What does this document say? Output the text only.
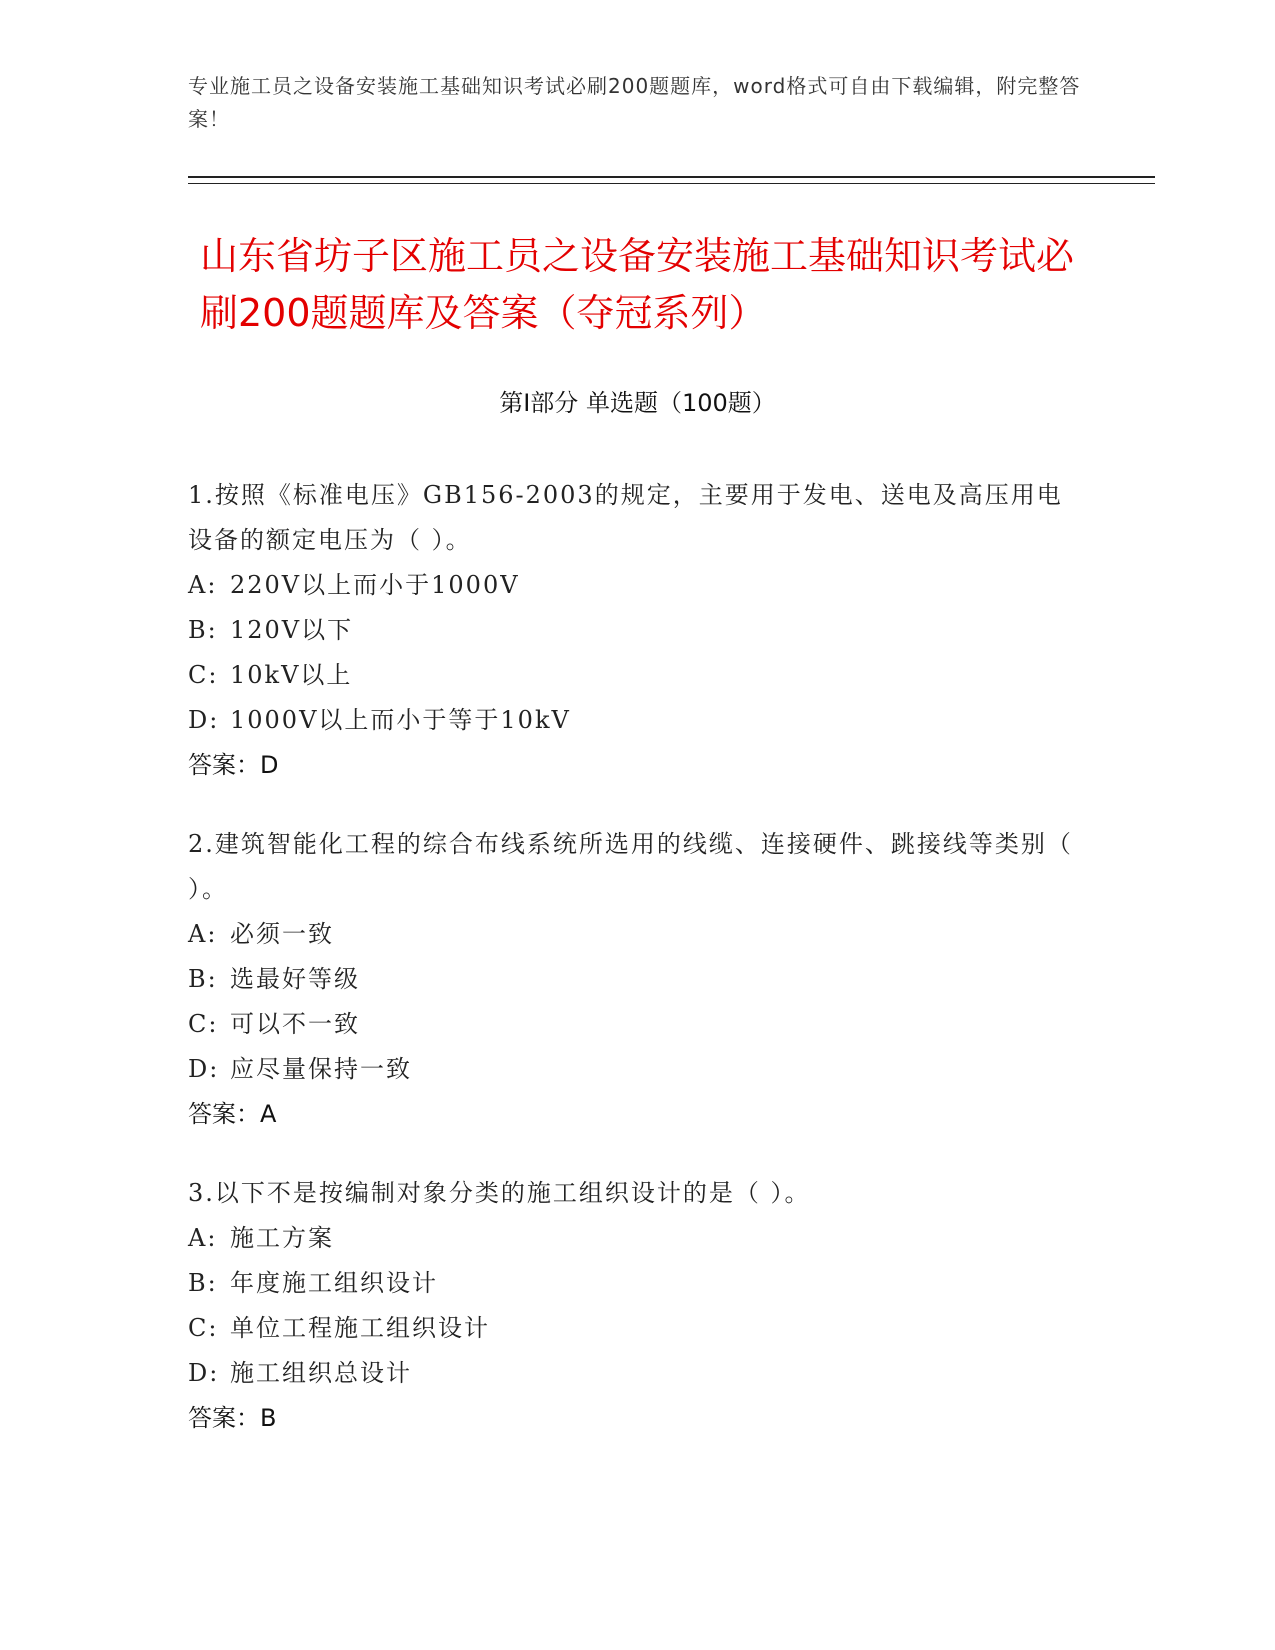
专业施工员之设备安装施工基础知识考试必刷200题题库，word格式可自由下载编辑，附完整答案！
山东省坊子区施工员之设备安装施工基础知识考试必刷200题题库及答案（夺冠系列）
第Ⅰ部分 单选题（100题）

1.按照《标准电压》GB156-2003的规定，主要用于发电、送电及高压用电设备的额定电压为（ ）。

A: 220V以上而小于1000V

B: 120V以下

C: 10kV以上

D: 1000V以上而小于等于10kV

答案：D

2.建筑智能化工程的综合布线系统所选用的线缆、连接硬件、跳接线等类别（ ）。

A: 必须一致

B: 选最好等级

C: 可以不一致

D: 应尽量保持一致

答案：A

3.以下不是按编制对象分类的施工组织设计的是（ ）。

A: 施工方案

B: 年度施工组织设计

C: 单位工程施工组织设计

D: 施工组织总设计

答案：B
